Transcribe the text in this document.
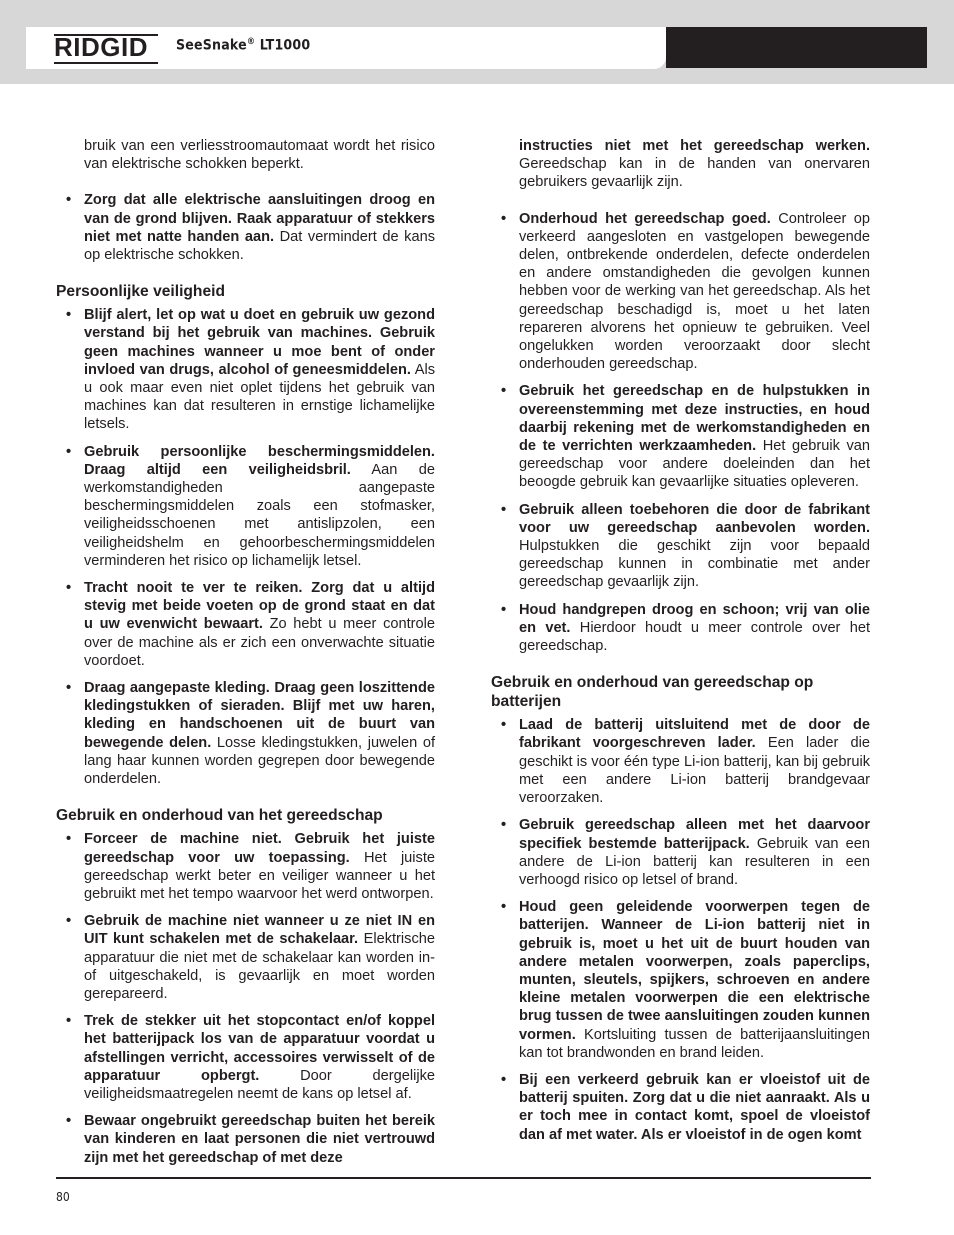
RIDGID	SeeSnake® LT1000

bruik van een verliesstroomautomaat wordt het risico van elektrische schokken beperkt.

• Zorg dat alle elektrische aansluitingen droog en van de grond blijven. Raak apparatuur of stekkers niet met natte handen aan. Dat vermindert de kans op elektrische schokken.
Persoonlijke veiligheid
• Blijf alert, let op wat u doet en gebruik uw gezond verstand bij het gebruik van machines. Gebruik geen machines wanneer u moe bent of onder invloed van drugs, alcohol of geneesmiddelen. Als u ook maar even niet oplet tijdens het gebruik van machines kan dat resulteren in ernstige lichamelijke letsels.
• Gebruik persoonlijke beschermingsmiddelen. Draag altijd een veiligheidsbril. Aan de werkomstandigheden aangepaste beschermingsmiddelen zoals een stofmasker, veiligheidsschoenen met antislipzolen, een veiligheidshelm en gehoorbeschermingsmiddelen verminderen het risico op lichamelijk letsel.
• Tracht nooit te ver te reiken. Zorg dat u altijd stevig met beide voeten op de grond staat en dat u uw evenwicht bewaart. Zo hebt u meer controle over de machine als er zich een onverwachte situatie voordoet.
• Draag aangepaste kleding. Draag geen loszittende kledingstukken of sieraden. Blijf met uw haren, kleding en handschoenen uit de buurt van bewegende delen. Losse kledingstukken, juwelen of lang haar kunnen worden gegrepen door bewegende onderdelen.
Gebruik en onderhoud van het gereedschap
• Forceer de machine niet. Gebruik het juiste gereedschap voor uw toepassing. Het juiste gereedschap werkt beter en veiliger wanneer u het gebruikt met het tempo waarvoor het werd ontworpen.
• Gebruik de machine niet wanneer u ze niet IN en UIT kunt schakelen met de schakelaar. Elektrische apparatuur die niet met de schakelaar kan worden in- of uitgeschakeld, is gevaarlijk en moet worden gerepareerd.
• Trek de stekker uit het stopcontact en/of koppel het batterijpack los van de apparatuur voordat u afstellingen verricht, accessoires verwisselt of de apparatuur opbergt. Door dergelijke veiligheidsmaatregelen neemt de kans op letsel af.
• Bewaar ongebruikt gereedschap buiten het bereik van kinderen en laat personen die niet vertrouwd zijn met het gereedschap of met deze

instructies niet met het gereedschap werken. Gereedschap kan in de handen van onervaren gebruikers gevaarlijk zijn.

• Onderhoud het gereedschap goed. Controleer op verkeerd aangesloten en vastgelopen bewegende delen, ontbrekende onderdelen, defecte onderdelen en andere omstandigheden die gevolgen kunnen hebben voor de werking van het gereedschap. Als het gereedschap beschadigd is, moet u het laten repareren alvorens het opnieuw te gebruiken. Veel ongelukken worden veroorzaakt door slecht onderhouden gereedschap.
• Gebruik het gereedschap en de hulpstukken in overeenstemming met deze instructies, en houd daarbij rekening met de werkomstandigheden en de te verrichten werkzaamheden. Het gebruik van gereedschap voor andere doeleinden dan het beoogde gebruik kan gevaarlijke situaties opleveren.
• Gebruik alleen toebehoren die door de fabrikant voor uw gereedschap aanbevolen worden. Hulpstukken die geschikt zijn voor bepaald gereedschap kunnen in combinatie met ander gereedschap gevaarlijk zijn.
• Houd handgrepen droog en schoon; vrij van olie en vet. Hierdoor houdt u meer controle over het gereedschap.
Gebruik en onderhoud van gereedschap op batterijen
• Laad de batterij uitsluitend met de door de fabrikant voorgeschreven lader. Een lader die geschikt is voor één type Li-ion batterij, kan bij gebruik met een andere Li-ion batterij brandgevaar veroorzaken.
• Gebruik gereedschap alleen met het daarvoor specifiek bestemde batterijpack. Gebruik van een andere de Li-ion batterij kan resulteren in een verhoogd risico op letsel of brand.
• Houd geen geleidende voorwerpen tegen de batterijen. Wanneer de Li-ion batterij niet in gebruik is, moet u het uit de buurt houden van andere metalen voorwerpen, zoals paperclips, munten, sleutels, spijkers, schroeven en andere kleine metalen voorwerpen die een elektrische brug tussen de twee aansluitingen zouden kunnen vormen. Kortsluiting tussen de batterijaansluitingen kan tot brandwonden en brand leiden.
• Bij een verkeerd gebruik kan er vloeistof uit de batterij spuiten. Zorg dat u die niet aanraakt. Als u er toch mee in contact komt, spoel de vloeistof dan af met water. Als er vloeistof in de ogen komt
80
